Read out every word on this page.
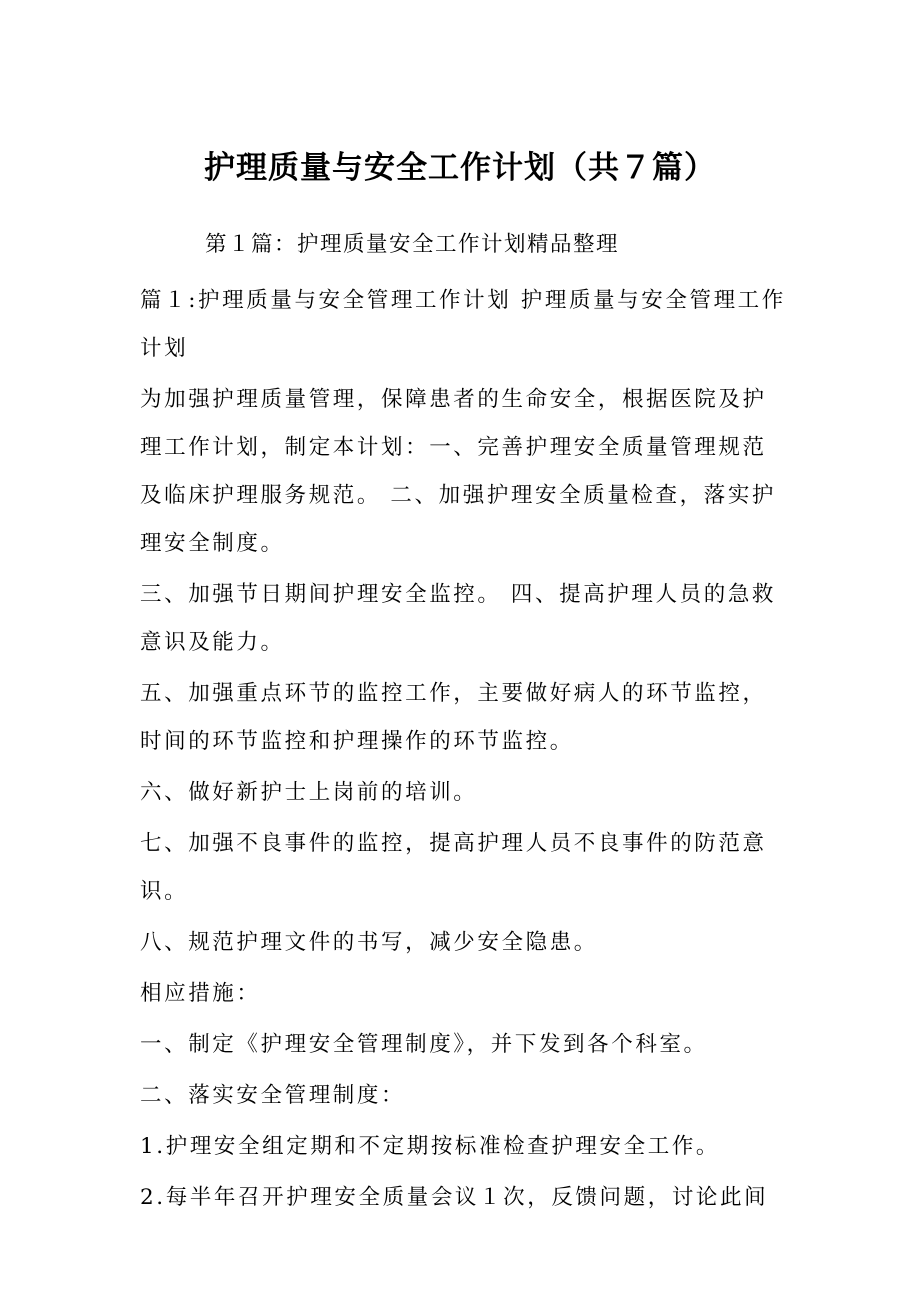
护理质量与安全工作计划（共７篇）

第１篇：护理质量安全工作计划精品整理

篇１:护理质量与安全管理工作计划 护理质量与安全管理工作计划

为加强护理质量管理，保障患者的生命安全，根据医院及护理工作计划，制定本计划：一、完善护理安全质量管理规范及临床护理服务规范。 二、加强护理安全质量检查，落实护理安全制度。

三、加强节日期间护理安全监控。 四、提高护理人员的急救意识及能力。

五、加强重点环节的监控工作，主要做好病人的环节监控，时间的环节监控和护理操作的环节监控。

六、做好新护士上岗前的培训。

七、加强不良事件的监控，提高护理人员不良事件的防范意识。

八、规范护理文件的书写，减少安全隐患。

相应措施：

一、制定《护理安全管理制度》，并下发到各个科室。

二、落实安全管理制度：

1.护理安全组定期和不定期按标准检查护理安全工作。

2.每半年召开护理安全质量会议１次，反馈问题，讨论此间
